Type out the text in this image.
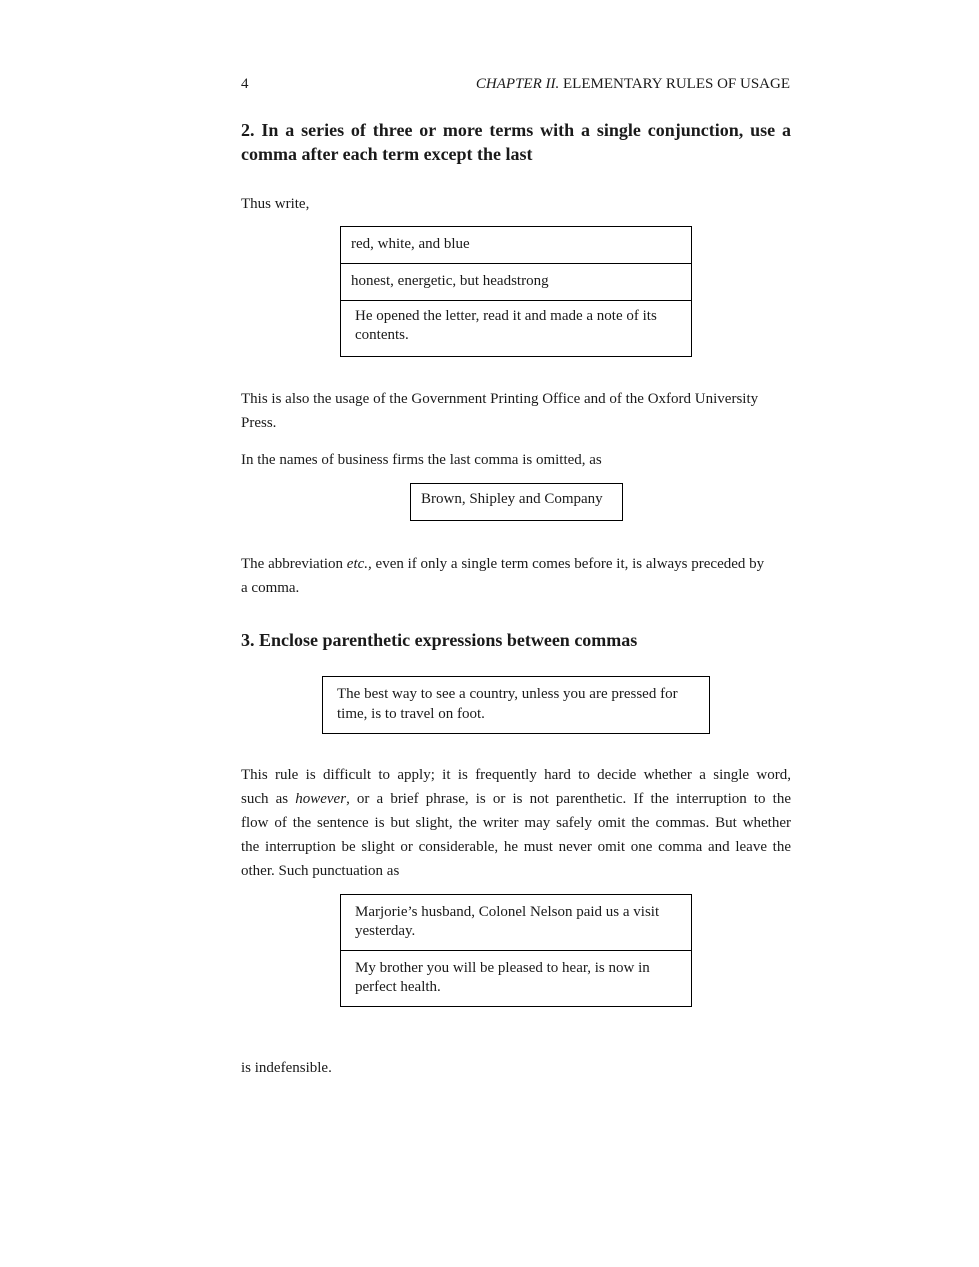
4	CHAPTER II. ELEMENTARY RULES OF USAGE
2. In a series of three or more terms with a single conjunction, use a
comma after each term except the last
Thus write,
red, white, and blue
honest, energetic, but headstrong
He opened the letter, read it and made a note of its
contents.
This is also the usage of the Government Printing Office and of the Oxford University
Press.
In the names of business firms the last comma is omitted, as
Brown, Shipley and Company
The abbreviation etc., even if only a single term comes before it, is always preceded by
a comma.
3. Enclose parenthetic expressions between commas
The best way to see a country, unless you are pressed for
time, is to travel on foot.
This rule is difficult to apply; it is frequently hard to decide whether a single word,
such as however, or a brief phrase, is or is not parenthetic. If the interruption to the
flow of the sentence is but slight, the writer may safely omit the commas. But whether
the interruption be slight or considerable, he must never omit one comma and leave the
other. Such punctuation as
Marjorie’s husband, Colonel Nelson paid us a visit
yesterday.
My brother you will be pleased to hear, is now in
perfect health.
is indefensible.
